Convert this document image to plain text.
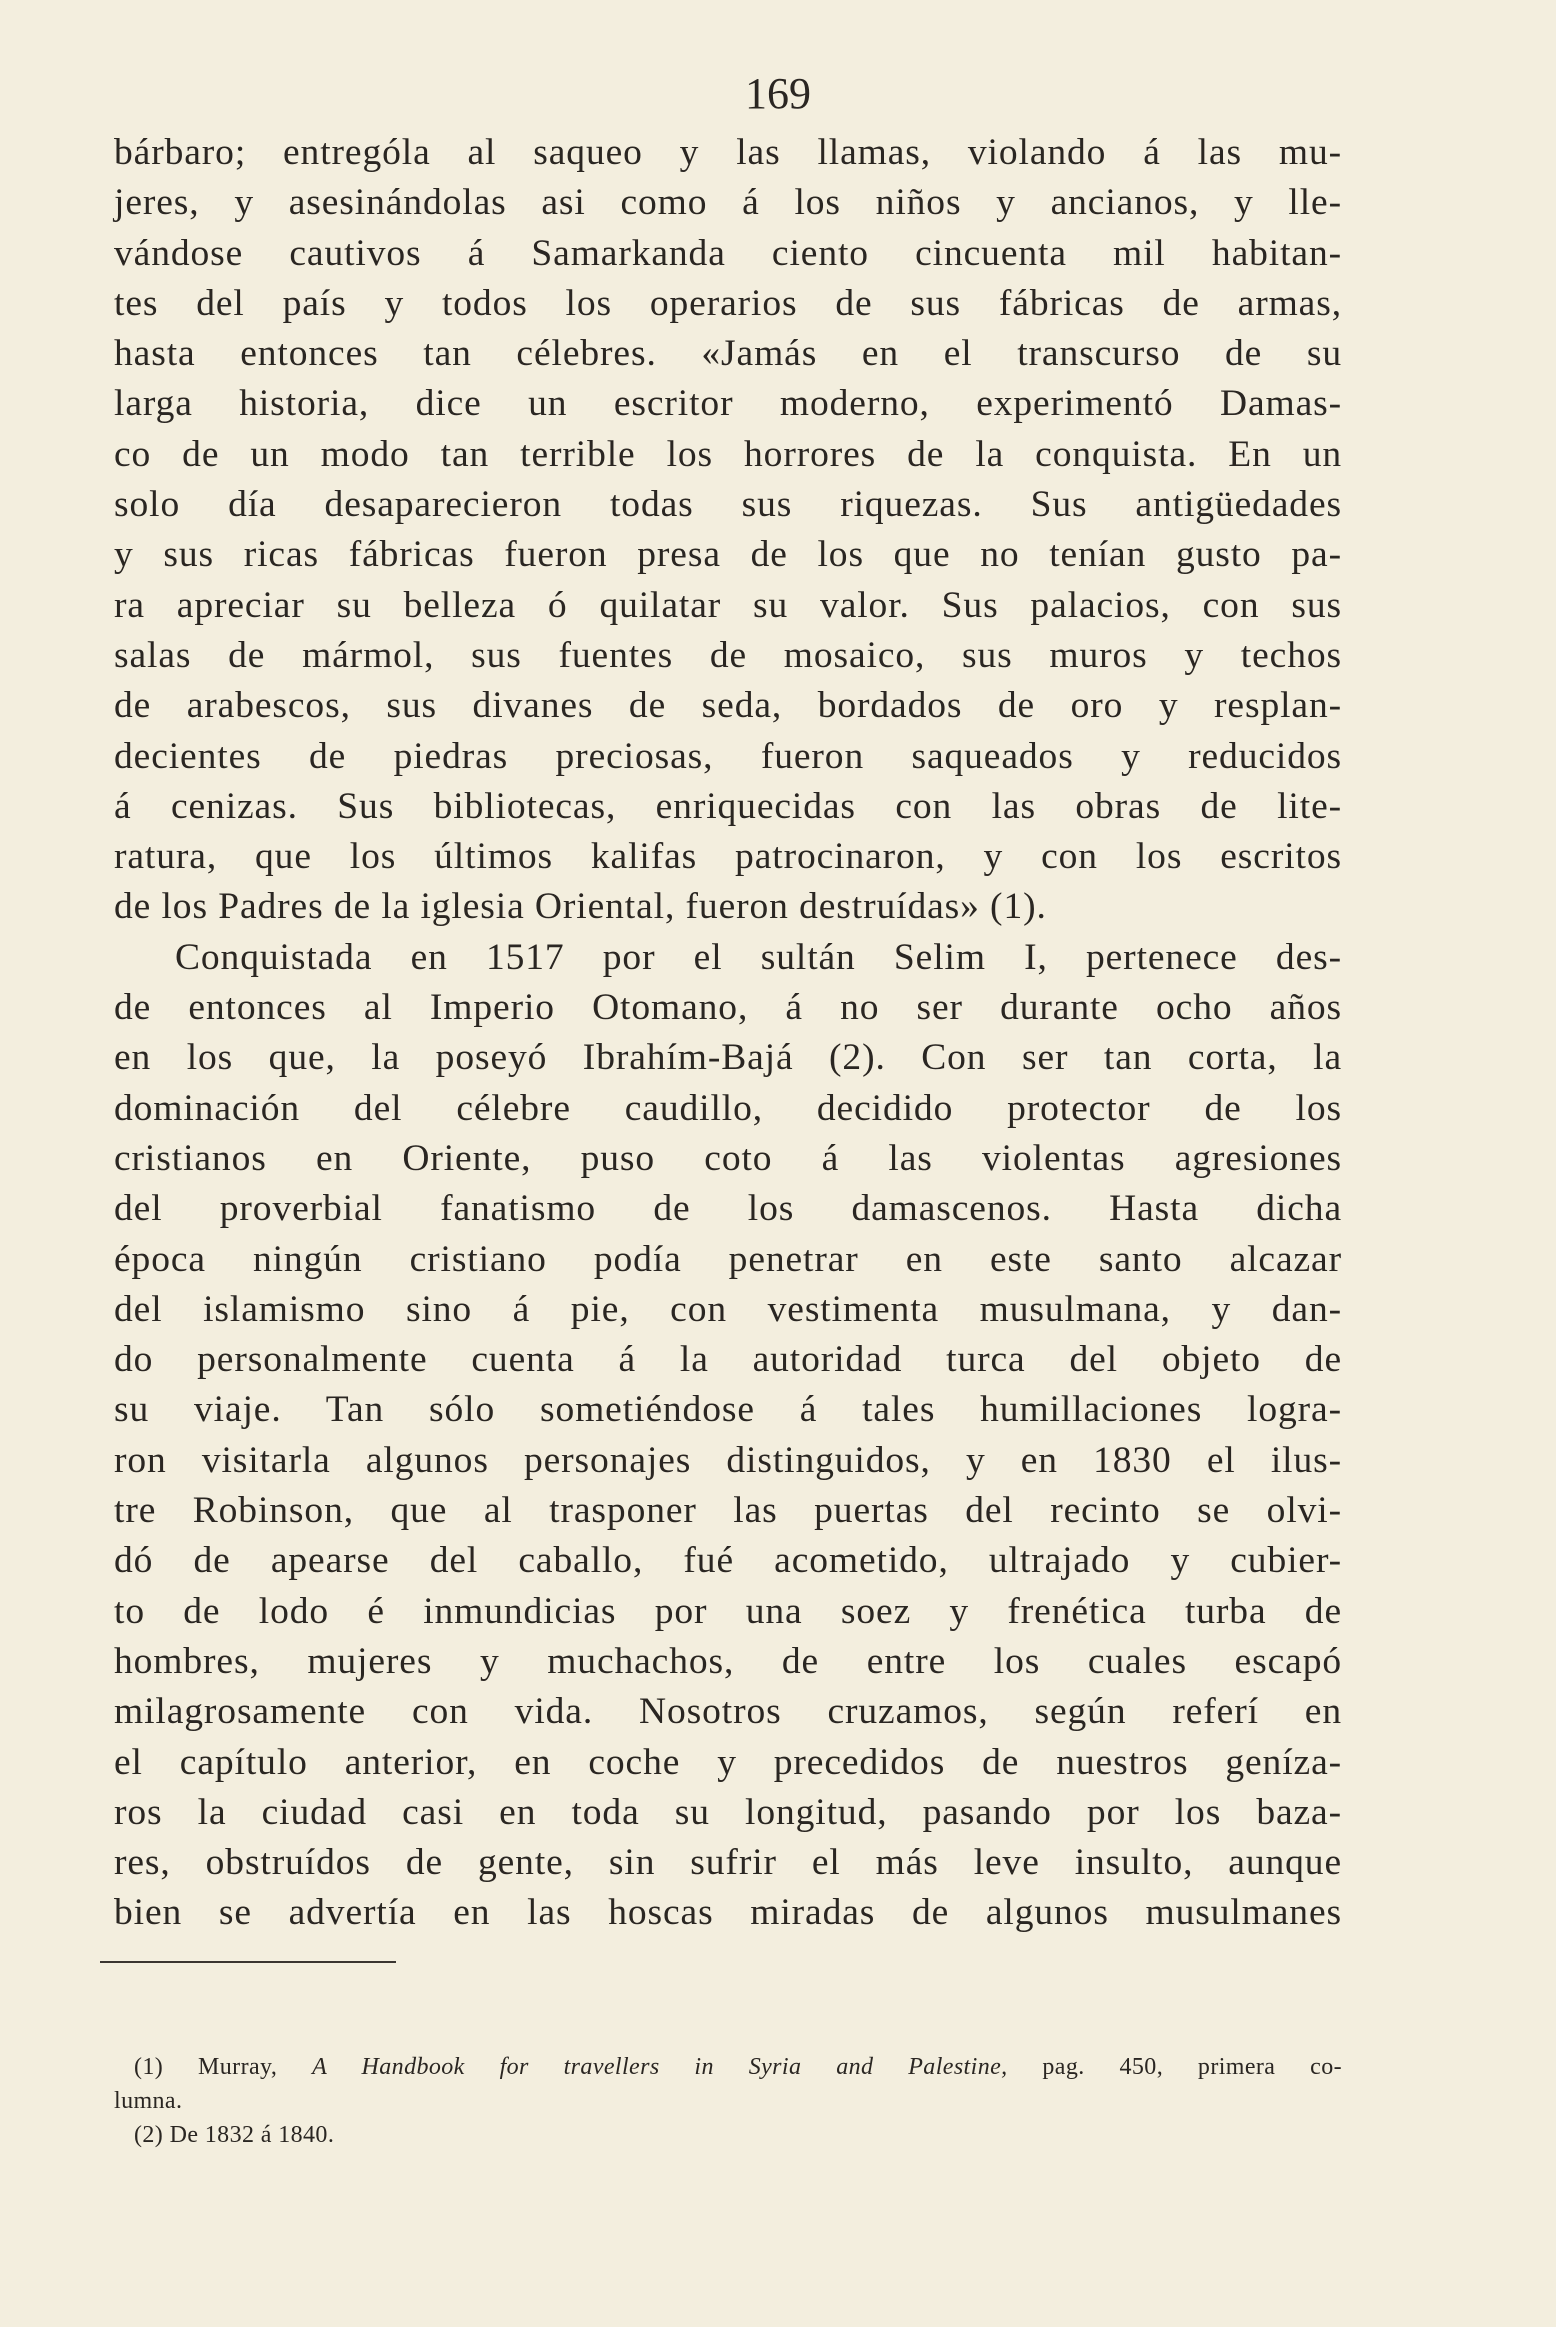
169
bárbaro; entrególa al saqueo y las llamas, violando á las mu-
jeres, y asesinándolas asi como á los niños y ancianos, y lle-
vándose cautivos á Samarkanda ciento cincuenta mil habitan-
tes del país y todos los operarios de sus fábricas de armas,
hasta entonces tan célebres. «Jamás en el transcurso de su
larga historia, dice un escritor moderno, experimentó Damas-
co de un modo tan terrible los horrores de la conquista. En un
solo día desaparecieron todas sus riquezas. Sus antigüedades
y sus ricas fábricas fueron presa de los que no tenían gusto pa-
ra apreciar su belleza ó quilatar su valor. Sus palacios, con sus
salas de mármol, sus fuentes de mosaico, sus muros y techos
de arabescos, sus divanes de seda, bordados de oro y resplan-
decientes de piedras preciosas, fueron saqueados y reducidos
á cenizas. Sus bibliotecas, enriquecidas con las obras de lite-
ratura, que los últimos kalifas patrocinaron, y con los escritos
de los Padres de la iglesia Oriental, fueron destruídas» (1).
Conquistada en 1517 por el sultán Selim I, pertenece des-
de entonces al Imperio Otomano, á no ser durante ocho años
en los que, la poseyó Ibrahím-Bajá (2). Con ser tan corta, la
dominación del célebre caudillo, decidido protector de los
cristianos en Oriente, puso coto á las violentas agresiones
del proverbial fanatismo de los damascenos. Hasta dicha
época ningún cristiano podía penetrar en este santo alcazar
del islamismo sino á pie, con vestimenta musulmana, y dan-
do personalmente cuenta á la autoridad turca del objeto de
su viaje. Tan sólo sometiéndose á tales humillaciones logra-
ron visitarla algunos personajes distinguidos, y en 1830 el ilus-
tre Robinson, que al trasponer las puertas del recinto se olvi-
dó de apearse del caballo, fué acometido, ultrajado y cubier-
to de lodo é inmundicias por una soez y frenética turba de
hombres, mujeres y muchachos, de entre los cuales escapó
milagrosamente con vida. Nosotros cruzamos, según referí en
el capítulo anterior, en coche y precedidos de nuestros geníza-
ros la ciudad casi en toda su longitud, pasando por los baza-
res, obstruídos de gente, sin sufrir el más leve insulto, aunque
bien se advertía en las hoscas miradas de algunos musulmanes
(1) Murray, A Handbook for travellers in Syria and Palestine, pag. 450, primera co-
lumna.
(2) De 1832 á 1840.
